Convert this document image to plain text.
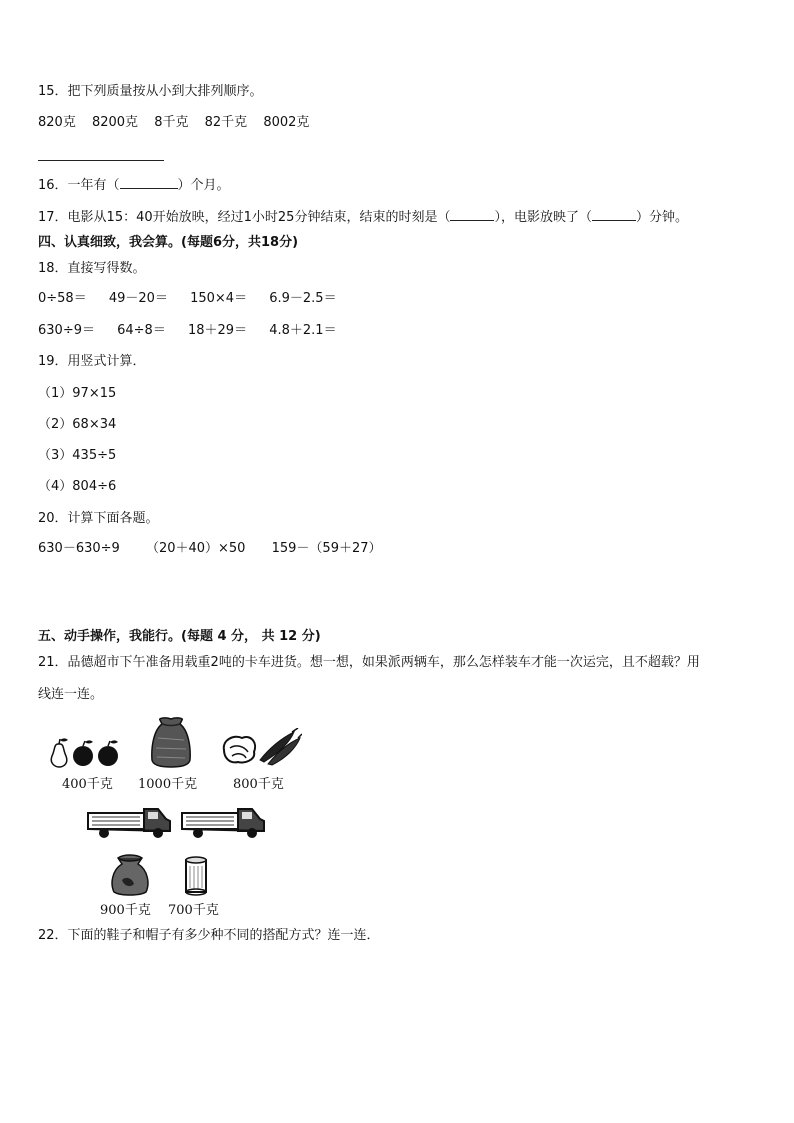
15．把下列质量按从小到大排列顺序。
820克 8200克 8千克 82千克 8002克
16．一年有（	）个月。
17．电影从15：40开始放映，经过1小时25分钟结束，结束的时刻是（	），电影放映了（	）分钟。
四、认真细致，我会算。(每题6分，共18分)
18．直接写得数。
0÷58＝ 49－20＝ 150×4＝ 6.9－2.5＝
630÷9＝ 64÷8＝ 18＋29＝ 4.8＋2.1＝
19．用竖式计算．
（1）97×15
（2）68×34
（3）435÷5
（4）804÷6
20．计算下面各题。
630－630÷9 （20＋40）×50 159－（59＋27）
五、动手操作，我能行。(每题 4 分， 共 12 分)
21．品德超市下午准备用载重2吨的卡车进货。想一想，如果派两辆车，那么怎样装车才能一次运完，且不超载？用
线连一连。
400千克 1000千克	800千克
900千克 700千克
22．下面的鞋子和帽子有多少种不同的搭配方式？连一连．
